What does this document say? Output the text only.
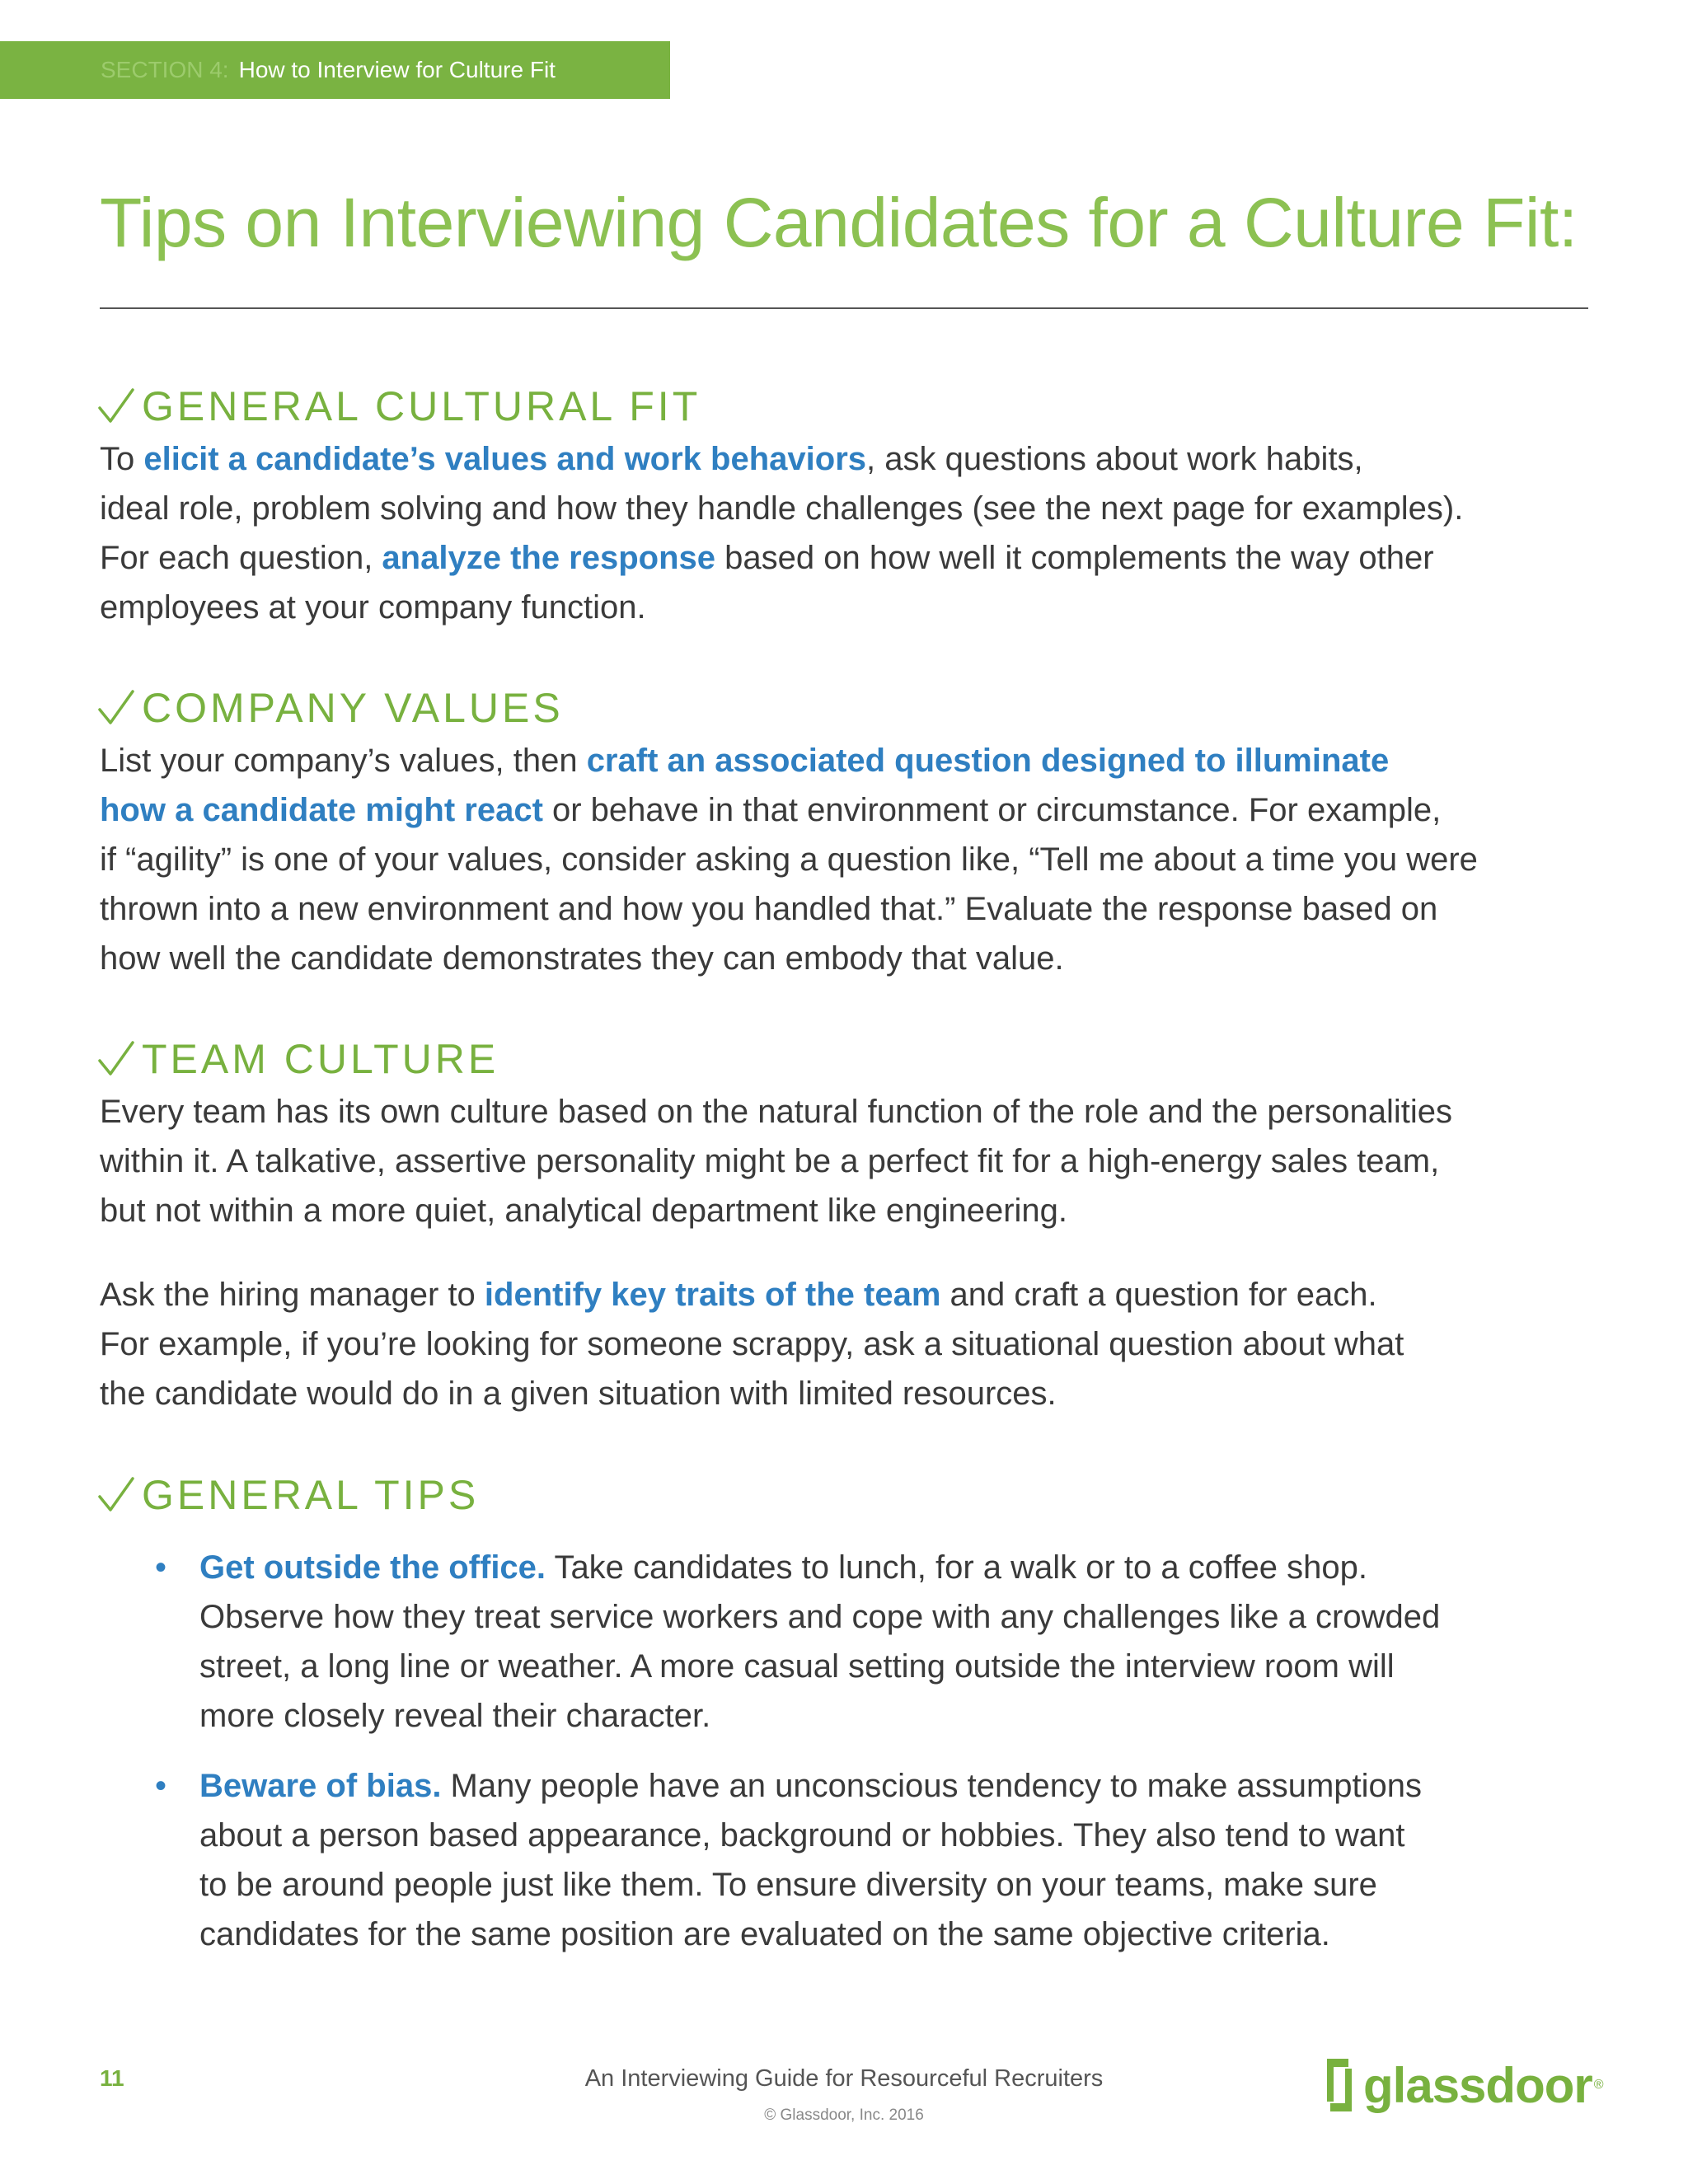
SECTION 4: How to Interview for Culture Fit
Tips on Interviewing Candidates for a Culture Fit:
GENERAL CULTURAL FIT
To elicit a candidate’s values and work behaviors, ask questions about work habits,
ideal role, problem solving and how they handle challenges (see the next page for examples).
For each question, analyze the response based on how well it complements the way other
employees at your company function.
COMPANY VALUES
List your company’s values, then craft an associated question designed to illuminate
how a candidate might react or behave in that environment or circumstance. For example,
if “agility” is one of your values, consider asking a question like, “Tell me about a time you were
thrown into a new environment and how you handled that.” Evaluate the response based on
how well the candidate demonstrates they can embody that value.
TEAM CULTURE
Every team has its own culture based on the natural function of the role and the personalities
within it. A talkative, assertive personality might be a perfect fit for a high-energy sales team,
but not within a more quiet, analytical department like engineering.
Ask the hiring manager to identify key traits of the team and craft a question for each.
For example, if you’re looking for someone scrappy, ask a situational question about what
the candidate would do in a given situation with limited resources.
GENERAL TIPS
• Get outside the office. Take candidates to lunch, for a walk or to a coffee shop.
Observe how they treat service workers and cope with any challenges like a crowded
street, a long line or weather. A more casual setting outside the interview room will
more closely reveal their character.
• Beware of bias. Many people have an unconscious tendency to make assumptions
about a person based appearance, background or hobbies. They also tend to want
to be around people just like them. To ensure diversity on your teams, make sure
candidates for the same position are evaluated on the same objective criteria.
11	An Interviewing Guide for Resourceful Recruiters
© Glassdoor, Inc. 2016
glassdoor ®
